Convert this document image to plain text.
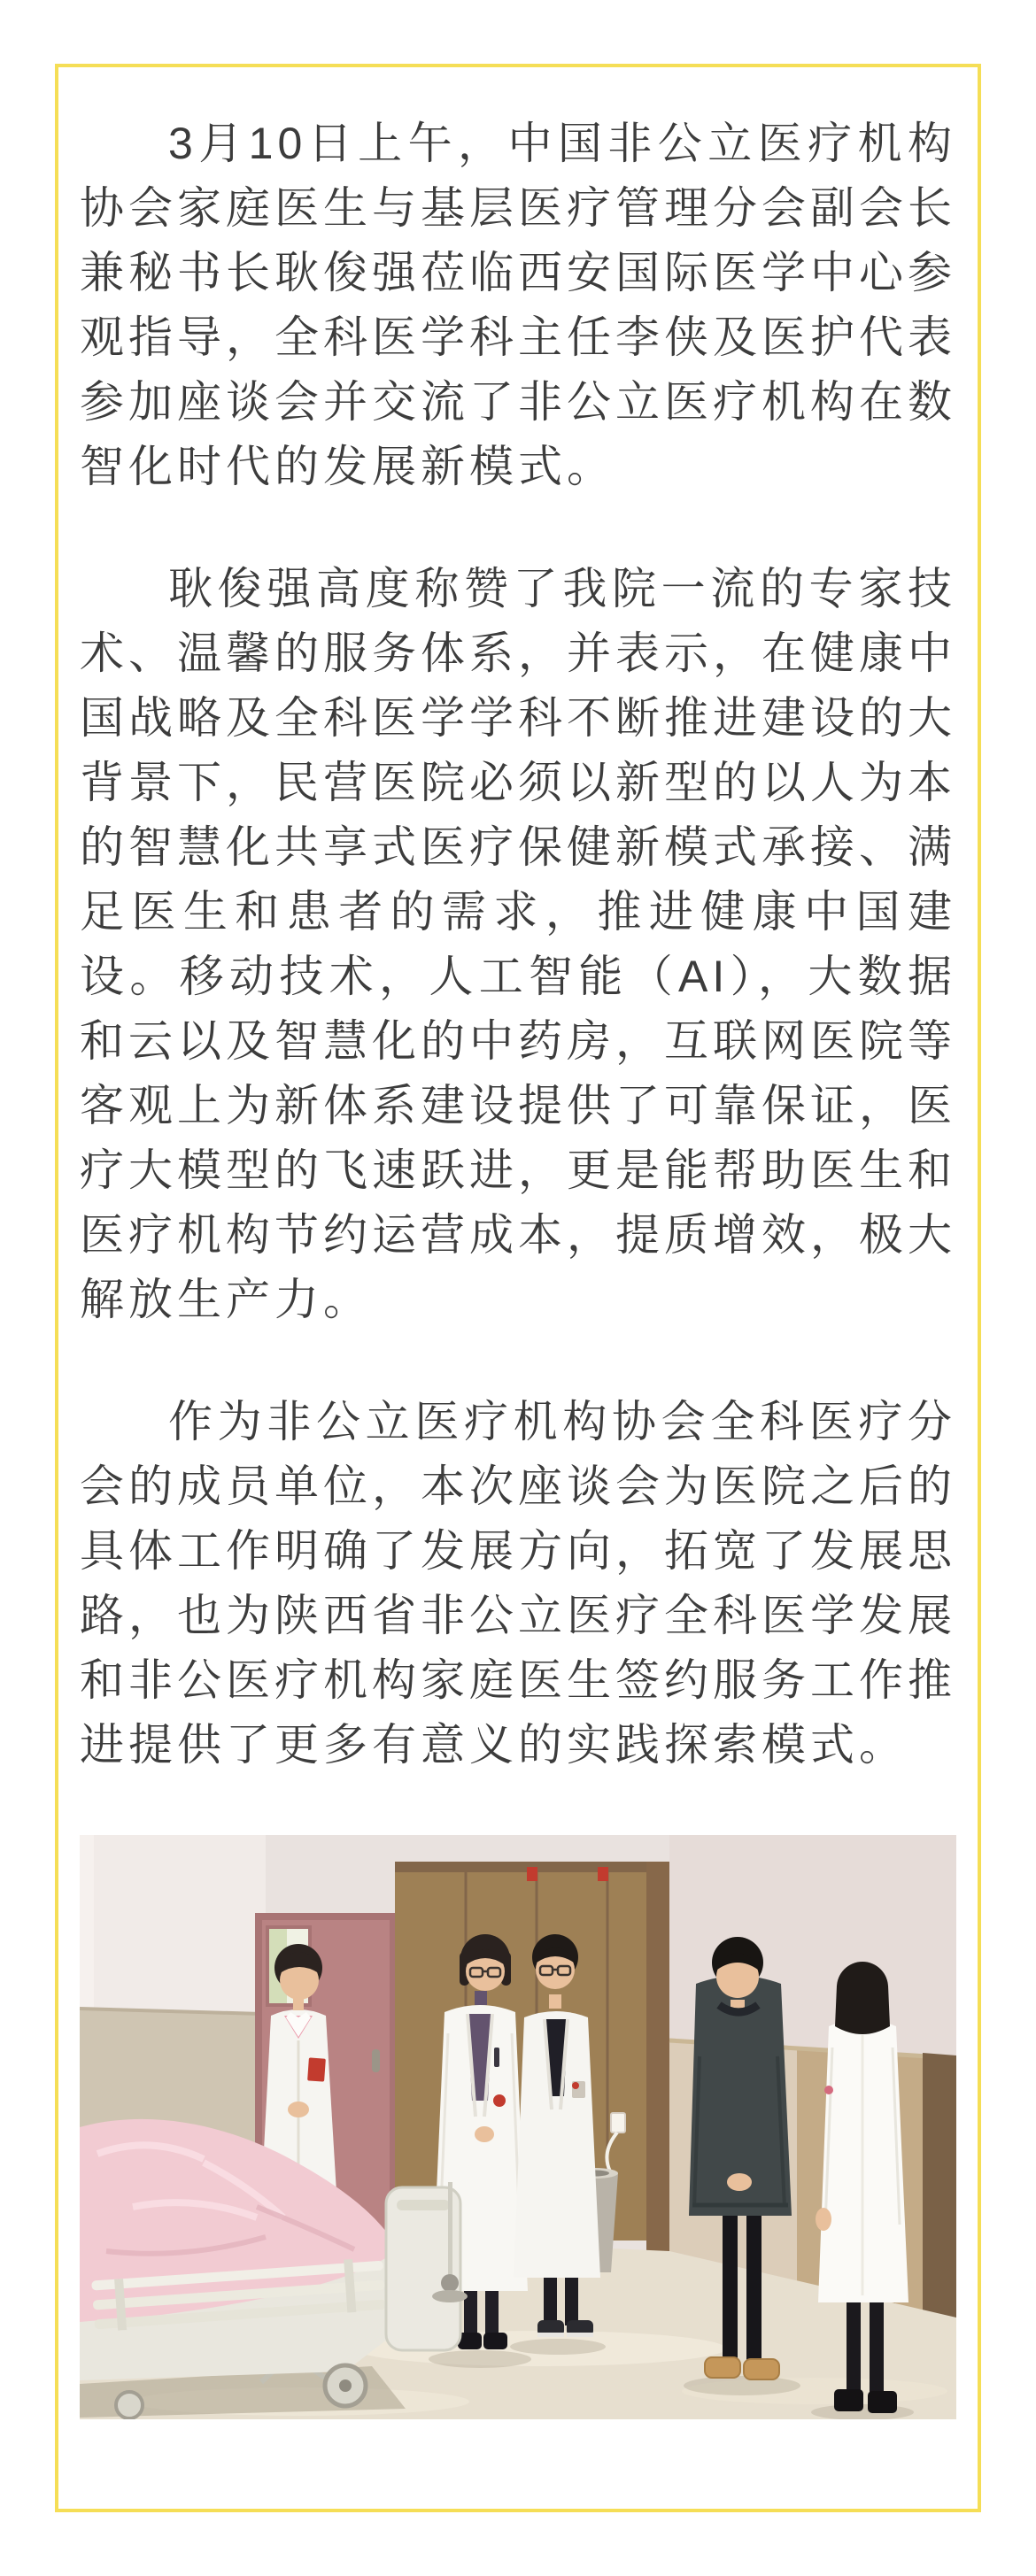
3月10日上午，中国非公立医疗机构协会家庭医生与基层医疗管理分会副会长兼秘书长耿俊强莅临西安国际医学中心参观指导，全科医学科主任李侠及医护代表参加座谈会并交流了非公立医疗机构在数智化时代的发展新模式。

耿俊强高度称赞了我院一流的专家技术、温馨的服务体系，并表示，在健康中国战略及全科医学学科不断推进建设的大背景下，民营医院必须以新型的以人为本的智慧化共享式医疗保健新模式承接、满足医生和患者的需求，推进健康中国建设。移动技术，人工智能（AI），大数据和云以及智慧化的中药房，互联网医院等客观上为新体系建设提供了可靠保证，医疗大模型的飞速跃进，更是能帮助医生和医疗机构节约运营成本，提质增效，极大解放生产力。

作为非公立医疗机构协会全科医疗分会的成员单位，本次座谈会为医院之后的具体工作明确了发展方向，拓宽了发展思路，也为陕西省非公立医疗全科医学发展和非公医疗机构家庭医生签约服务工作推进提供了更多有意义的实践探索模式。
